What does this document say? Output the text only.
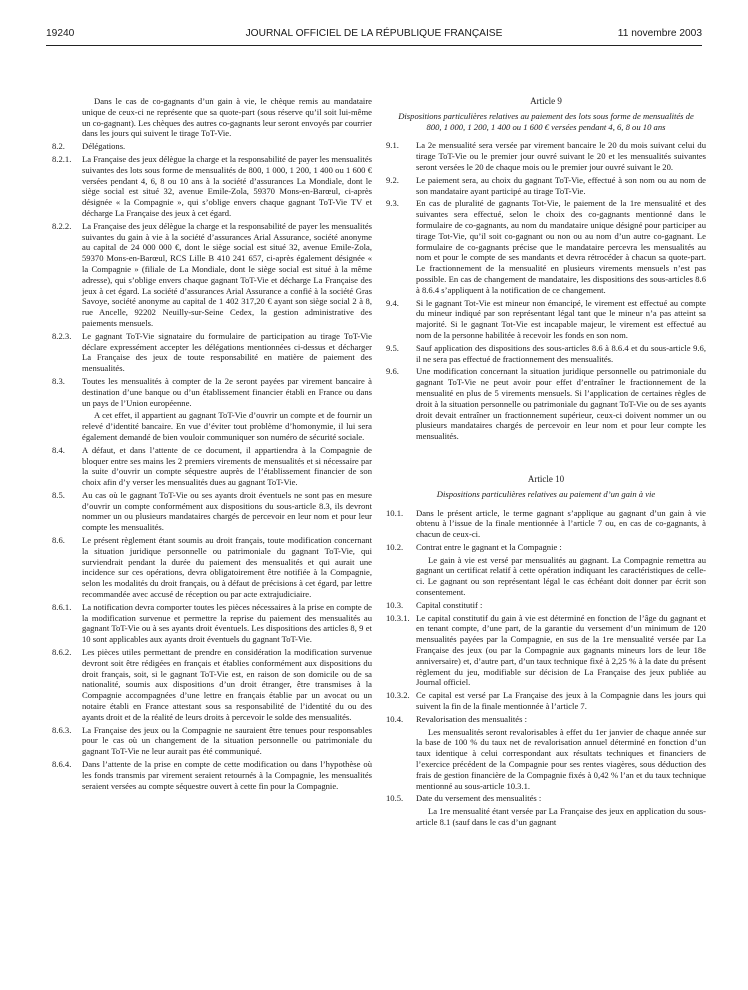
19240	JOURNAL OFFICIEL DE LA RÉPUBLIQUE FRANÇAISE	11 novembre 2003
Dans le cas de co-gagnants d’un gain à vie, le chèque remis au mandataire unique de ceux-ci ne représente que sa quote-part (sous réserve qu’il soit lui-même un co-gagnant). Les chèques des autres co-gagnants leur seront envoyés par courrier dans les jours qui suivent le tirage ToT-Vie.
8.2.	Délégations.
8.2.1.	La Française des jeux délègue la charge et la responsabilité de payer les mensualités suivantes des lots sous forme de mensualités de 800, 1 000, 1 200, 1 400 ou 1 600 € versées pendant 4, 6, 8 ou 10 ans à la société d’assurances La Mondiale, dont le siège social est situé 32, avenue Emile-Zola, 59370 Mons-en-Barœul, ci-après désignée « la Compagnie », qui s’oblige envers chaque gagnant ToT-Vie TV et décharge La Française des jeux à cet égard.
8.2.2.	La Française des jeux délègue la charge et la responsabilité de payer les mensualités suivantes du gain à vie à la société d’assurances Arial Assurance, société anonyme au capital de 24 000 000 €, dont le siège social est situé 32, avenue Emile-Zola, 59370 Mons-en-Barœul, RCS Lille B 410 241 657, ci-après également désignée « la Compagnie » (filiale de La Mondiale, dont le siège social est situé à la même adresse), qui s’oblige envers chaque gagnant ToT-Vie et décharge La Française des jeux à cet égard. La société d’assurances Arial Assurance a confié à la société Gras Savoye, société anonyme au capital de 1 402 317,20 € ayant son siège social 2 à 8, rue Ancelle, 92202 Neuilly-sur-Seine Cedex, la gestion administrative des paiements mensuels.
8.2.3.	Le gagnant ToT-Vie signataire du formulaire de participation au tirage ToT-Vie déclare expressément accepter les délégations mentionnées ci-dessus et décharger La Française des jeux de toute responsabilité en matière de paiement des mensualités.
8.3.	Toutes les mensualités à compter de la 2e seront payées par virement bancaire à destination d’une banque ou d’un établissement financier établi en France ou dans un pays de l’Union européenne.
A cet effet, il appartient au gagnant ToT-Vie d’ouvrir un compte et de fournir un relevé d’identité bancaire. En vue d’éviter tout problème d’homonymie, il lui sera également demandé de bien vouloir communiquer son numéro de sécurité sociale.
8.4.	A défaut, et dans l’attente de ce document, il appartiendra à la Compagnie de bloquer entre ses mains les 2 premiers virements de mensualités et si nécessaire par la suite d’ouvrir un compte séquestre auprès de l’établissement financier de son choix afin d’y verser les mensualités dues au gagnant ToT-Vie.
8.5.	Au cas où le gagnant ToT-Vie ou ses ayants droit éventuels ne sont pas en mesure d’ouvrir un compte conformément aux dispositions du sous-article 8.3, ils devront nommer un ou plusieurs mandataires chargés de percevoir en leur nom et pour leur compte les mensualités.
8.6.	Le présent règlement étant soumis au droit français, toute modification concernant la situation juridique personnelle ou patrimoniale du gagnant ToT-Vie, qui surviendrait pendant la durée du paiement des mensualités et qui aurait une incidence sur ces opérations, devra obligatoirement être notifiée à la Compagnie, selon les modalités du droit français, ou à défaut de précisions à cet égard, par lettre recommandée avec accusé de réception ou par acte extrajudiciaire.
8.6.1.	La notification devra comporter toutes les pièces nécessaires à la prise en compte de la modification survenue et permettre la reprise du paiement des mensualités au gagnant ToT-Vie ou à ses ayants droit éventuels. Les dispositions des articles 8, 9 et 10 sont applicables aux ayants droit éventuels du gagnant ToT-Vie.
8.6.2.	Les pièces utiles permettant de prendre en considération la modification survenue devront soit être rédigées en français et établies conformément aux dispositions du droit français, soit, si le gagnant ToT-Vie est, en raison de son domicile ou de sa nationalité, soumis aux dispositions d’un droit étranger, être transmises à la Compagnie accompagnées d’une lettre en français établie par un avocat ou un notaire établi en France attestant sous sa responsabilité de l’identité du ou des ayants droit et de la réalité de leurs droits à percevoir le solde des mensualités.
8.6.3.	La Française des jeux ou la Compagnie ne sauraient être tenues pour responsables pour le cas où un changement de la situation personnelle ou patrimoniale du gagnant ToT-Vie ne leur aurait pas été communiqué.
8.6.4.	Dans l’attente de la prise en compte de cette modification ou dans l’hypothèse où les fonds transmis par virement seraient retournés à la Compagnie, les mensualités seraient versées au compte séquestre ouvert à cette fin pour la Compagnie.
Article 9
Dispositions particulières relatives au paiement des lots sous forme de mensualités de 800, 1 000, 1 200, 1 400 ou 1 600 € versées pendant 4, 6, 8 ou 10 ans
9.1.	La 2e mensualité sera versée par virement bancaire le 20 du mois suivant celui du tirage ToT-Vie ou le premier jour ouvré suivant le 20 et les mensualités suivantes seront versées le 20 de chaque mois ou le premier jour ouvré suivant le 20.
9.2.	Le paiement sera, au choix du gagnant ToT-Vie, effectué à son nom ou au nom de son mandataire ayant participé au tirage ToT-Vie.
9.3.	En cas de pluralité de gagnants Tot-Vie, le paiement de la 1re mensualité et des suivantes sera effectué, selon le choix des co-gagnants mentionné dans le formulaire de co-gagnants, au nom du mandataire unique désigné pour participer au tirage Tot-Vie, qu’il soit co-gagnant ou non ou au nom d’un autre co-gagnant. Le formulaire de co-gagnants précise que le mandataire percevra les mensualités au nom et pour le compte de ses mandants et devra rétrocéder à chacun sa quote-part. Le fractionnement de la mensualité en plusieurs virements mensuels n’est pas possible. En cas de changement de mandataire, les dispositions des sous-articles 8.6 à 8.6.4 s’appliquent à la notification de ce changement.
9.4.	Si le gagnant Tot-Vie est mineur non émancipé, le virement est effectué au compte du mineur indiqué par son représentant légal tant que le mineur n’a pas atteint sa majorité. Si le gagnant Tot-Vie est incapable majeur, le virement est effectué au nom de la personne habilitée à recevoir les fonds en son nom.
9.5.	Sauf application des dispositions des sous-articles 8.6 à 8.6.4 et du sous-article 9.6, il ne sera pas effectué de fractionnement des mensualités.
9.6.	Une modification concernant la situation juridique personnelle ou patrimoniale du gagnant ToT-Vie ne peut avoir pour effet d’entraîner le fractionnement de la mensualité en plus de 5 virements mensuels. Si l’application de certaines règles de droit à la situation personnelle ou patrimoniale du gagnant ToT-Vie ou de ses ayants droit devait entraîner un fractionnement supérieur, ceux-ci doivent nommer un ou plusieurs mandataires chargés de percevoir en leur nom et pour leur compte les mensualités.
Article 10
Dispositions particulières relatives au paiement d’un gain à vie
10.1.	Dans le présent article, le terme gagnant s’applique au gagnant d’un gain à vie obtenu à l’issue de la finale mentionnée à l’article 7 ou, en cas de co-gagnants, à chacun de ceux-ci.
10.2.	Contrat entre le gagnant et la Compagnie :
Le gain à vie est versé par mensualités au gagnant. La Compagnie remettra au gagnant un certificat relatif à cette opération indiquant les caractéristiques de celle-ci. Le gagnant ou son représentant légal le cas échéant doit donner par écrit son consentement.
10.3.	Capital constitutif :
10.3.1. Le capital constitutif du gain à vie est déterminé en fonction de l’âge du gagnant et en tenant compte, d’une part, de la garantie du versement d’un minimum de 120 mensualités payées par la Compagnie, en sus de la 1re mensualité versée par La Française des jeux (ou par la Compagnie aux gagnants mineurs lors de leur 18e anniversaire) et, d’autre part, d’un taux technique fixé à 2,25 % à la date du présent règlement du jeu, modifiable sur décision de La Française des jeux publiée au Journal officiel.
10.3.2. Ce capital est versé par La Française des jeux à la Compagnie dans les jours qui suivent la fin de la finale mentionnée à l’article 7.
10.4.	Revalorisation des mensualités :
Les mensualités seront revalorisables à effet du 1er janvier de chaque année sur la base de 100 % du taux net de revalorisation annuel déterminé en fonction d’un taux identique à celui correspondant aux résultats techniques et financiers de l’exercice précédent de la Compagnie pour ses rentes viagères, sous déduction des frais de gestion financière de la Compagnie fixés à 0,42 % l’an et du taux technique mentionné au sous-article 10.3.1.
10.5.	Date du versement des mensualités :
La 1re mensualité étant versée par La Française des jeux en application du sous-article 8.1 (sauf dans le cas d’un gagnant
